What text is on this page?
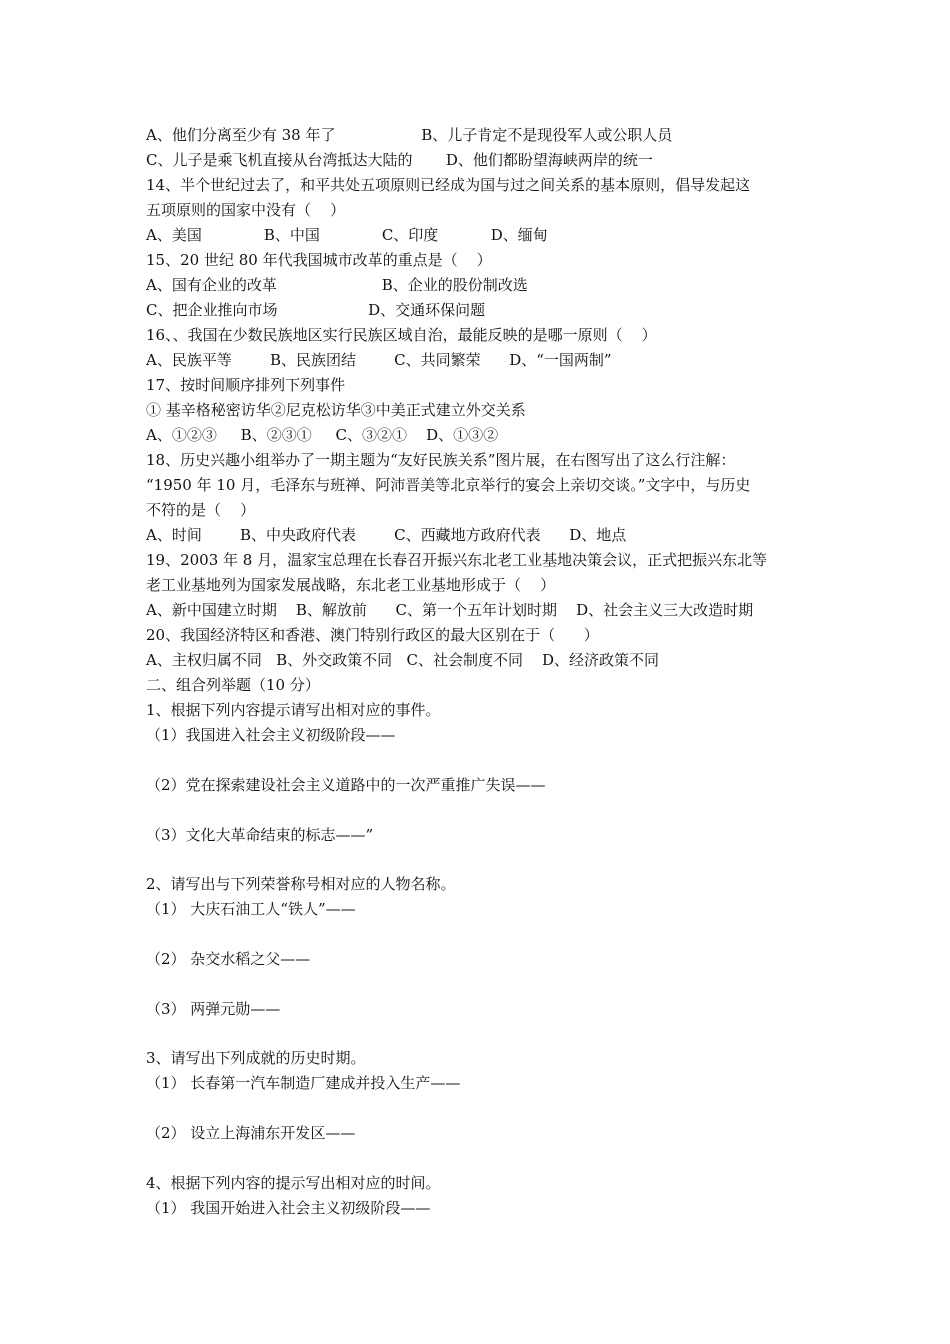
A、他们分离至少有 38 年了                  B、儿子肯定不是现役军人或公职人员
C、儿子是乘飞机直接从台湾抵达大陆的       D、他们都盼望海峡两岸的统一
14、半个世纪过去了，和平共处五项原则已经成为国与过之间关系的基本原则，倡导发起这
五项原则的国家中没有（    ）
A、美国             B、中国             C、印度           D、缅甸
15、20 世纪 80 年代我国城市改革的重点是（    ）
A、国有企业的改革                      B、企业的股份制改选
C、把企业推向市场                   D、交通环保问题
16、、我国在少数民族地区实行民族区域自治，最能反映的是哪一原则（    ）
A、民族平等        B、民族团结        C、共同繁荣      D、“一国两制”
17、按时间顺序排列下列事件
① 基辛格秘密访华②尼克松访华③中美正式建立外交关系
A、①②③     B、②③①     C、③②①    D、①③②
18、历史兴趣小组举办了一期主题为“友好民族关系”图片展，在右图写出了这么行注解：
“1950 年 10 月，毛泽东与班禅、阿沛晋美等北京举行的宴会上亲切交谈。”文字中，与历史
不符的是（    ）
A、时间        B、中央政府代表        C、西藏地方政府代表      D、地点
19、2003 年 8 月，温家宝总理在长春召开振兴东北老工业基地决策会议，正式把振兴东北等
老工业基地列为国家发展战略，东北老工业基地形成于（    ）
A、新中国建立时期    B、解放前      C、第一个五年计划时期    D、社会主义三大改造时期
20、我国经济特区和香港、澳门特别行政区的最大区别在于（      ）
A、主权归属不同   B、外交政策不同   C、社会制度不同    D、经济政策不同
二、组合列举题（10 分）
1、根据下列内容提示请写出相对应的事件。
（1）我国进入社会主义初级阶段——
（2）党在探索建设社会主义道路中的一次严重推广失误——
（3）文化大革命结束的标志——”
2、请写出与下列荣誉称号相对应的人物名称。
（1） 大庆石油工人“铁人”——
（2） 杂交水稻之父——
（3） 两弹元勋——
3、请写出下列成就的历史时期。
（1） 长春第一汽车制造厂建成并投入生产——
（2） 设立上海浦东开发区——
4、根据下列内容的提示写出相对应的时间。
（1） 我国开始进入社会主义初级阶段——
